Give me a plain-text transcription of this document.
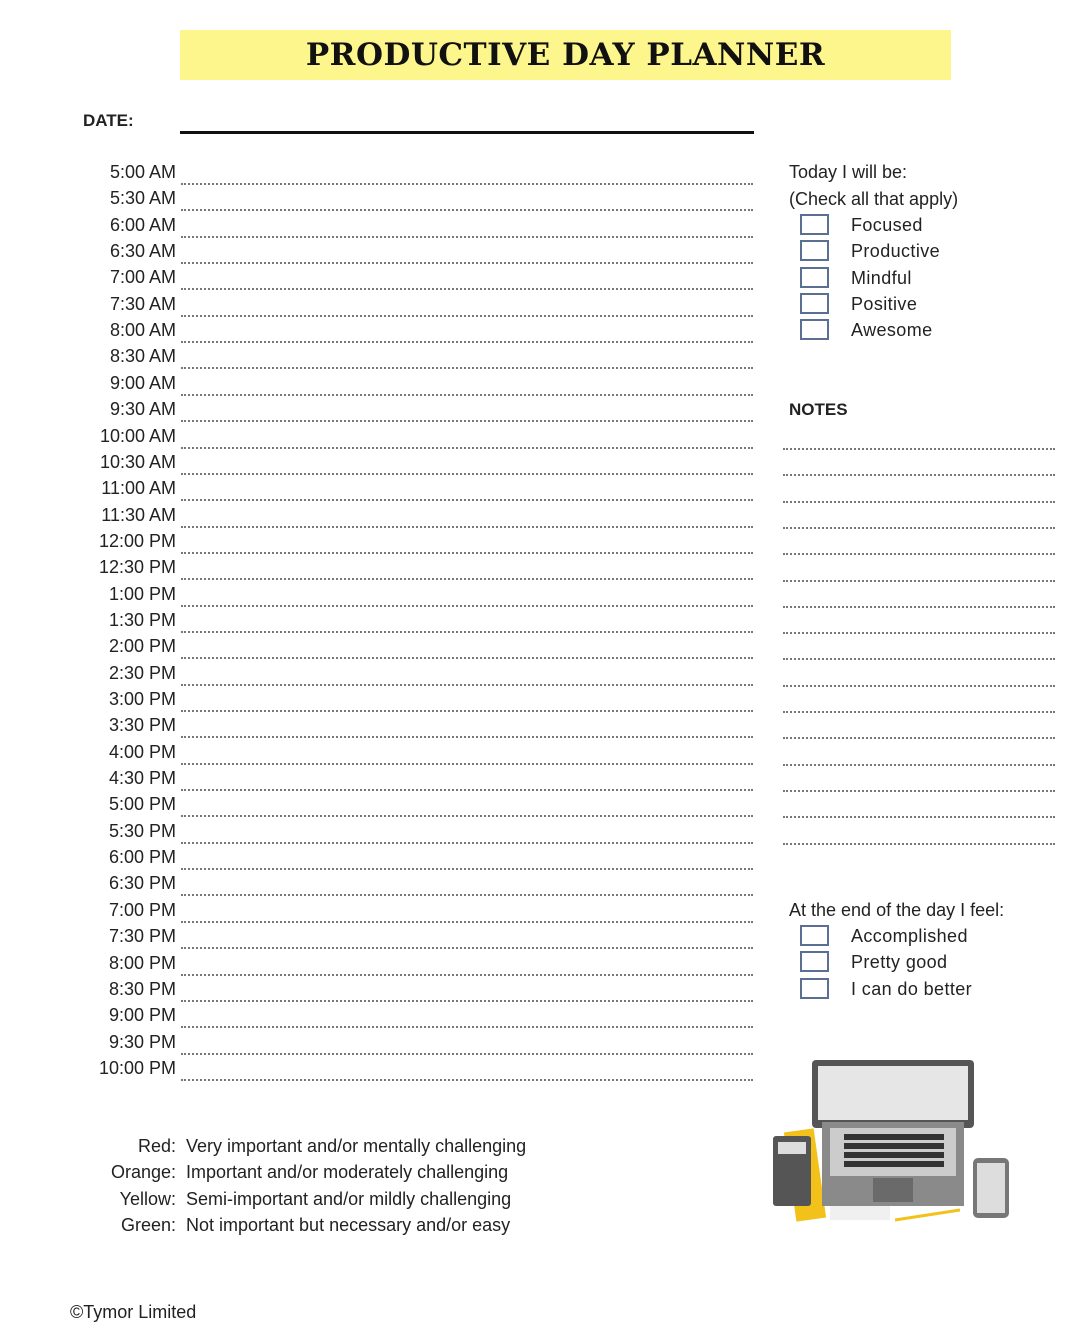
PRODUCTIVE DAY PLANNER
DATE:
5:00 AM
5:30 AM
6:00 AM
6:30 AM
7:00 AM
7:30 AM
8:00 AM
8:30 AM
9:00 AM
9:30 AM
10:00 AM
10:30 AM
11:00 AM
11:30 AM
12:00 PM
12:30 PM
1:00 PM
1:30 PM
2:00 PM
2:30 PM
3:00 PM
3:30 PM
4:00 PM
4:30 PM
5:00 PM
5:30 PM
6:00 PM
6:30 PM
7:00 PM
7:30 PM
8:00 PM
8:30 PM
9:00 PM
9:30 PM
10:00 PM
Today I will be:
(Check all that apply)
Focused
Productive
Mindful
Positive
Awesome
NOTES
At the end of the day I feel:
Accomplished
Pretty good
I can do better
Red: Very important and/or mentally challenging
Orange: Important and/or moderately challenging
Yellow: Semi-important and/or mildly challenging
Green: Not important but necessary and/or easy
©Tymor Limited
